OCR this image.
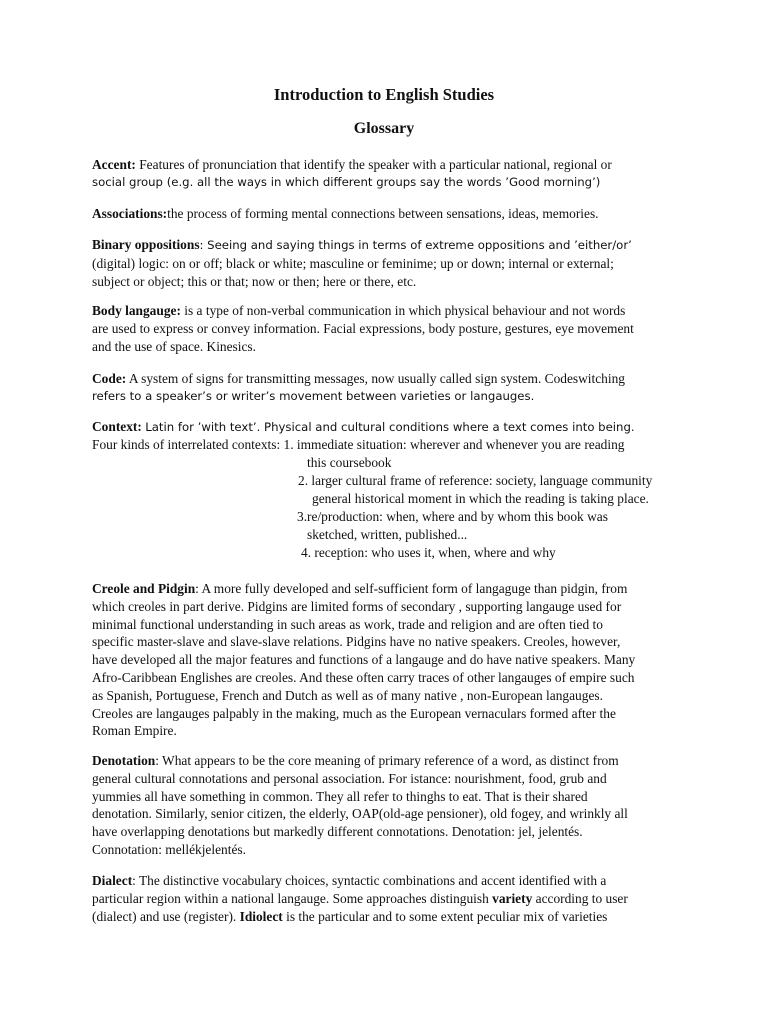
Introduction to English Studies
Glossary
Accent: Features of pronunciation that identify the speaker with a particular national, regional or
social group (e.g. all the ways in which different groups say the words ’Good morning’)
Associations:the process of forming mental connections between sensations, ideas, memories.
Binary oppositions: Seeing and saying things in terms of extreme oppositions and ’either/or’
(digital) logic: on or off; black or white; masculine or feminime; up or down; internal or external;
subject or object; this or that; now or then; here or there, etc.
Body langauge: is a type of non-verbal communication in which physical behaviour and not words
are used to express or convey information. Facial expressions, body posture, gestures, eye movement
and the use of space. Kinesics.
Code: A system of signs for transmitting messages, now usually called sign system. Codeswitching
refers to a speaker’s or writer’s movement between varieties or langauges.
Context: Latin for ’with text’. Physical and cultural conditions where a text comes into being.
Four kinds of interrelated contexts: 1. immediate situation: wherever and whenever you are reading
this coursebook
2. larger cultural frame of reference: society, language community
general historical moment in which the reading is taking place.
3.re/production: when, where and by whom this book was
sketched, written, published...
4. reception: who uses it, when, where and why
Creole and Pidgin: A more fully developed and self-sufficient form of langaguge than pidgin, from
which creoles in part derive. Pidgins are limited forms of secondary , supporting langauge used for
minimal functional understanding in such areas as work, trade and religion and are often tied to
specific master-slave and slave-slave relations. Pidgins have no native speakers. Creoles, however,
have developed all the major features and functions of a langauge and do have native speakers. Many
Afro-Caribbean Englishes are creoles. And these often carry traces of other langauges of empire such
as Spanish, Portuguese, French and Dutch as well as of many native , non-European langauges.
Creoles are langauges palpably in the making, much as the European vernaculars formed after the
Roman Empire.
Denotation: What appears to be the core meaning of primary reference of a word, as distinct from
general cultural connotations and personal association. For istance: nourishment, food, grub and
yummies all have something in common. They all refer to thinghs to eat. That is their shared
denotation. Similarly, senior citizen, the elderly, OAP(old-age pensioner), old fogey, and wrinkly all
have overlapping denotations but markedly different connotations. Denotation: jel, jelentés.
Connotation: mellékjelentés.
Dialect: The distinctive vocabulary choices, syntactic combinations and accent identified with a
particular region within a national langauge. Some approaches distinguish variety according to user
(dialect) and use (register). Idiolect is the particular and to some extent peculiar mix of varieties
